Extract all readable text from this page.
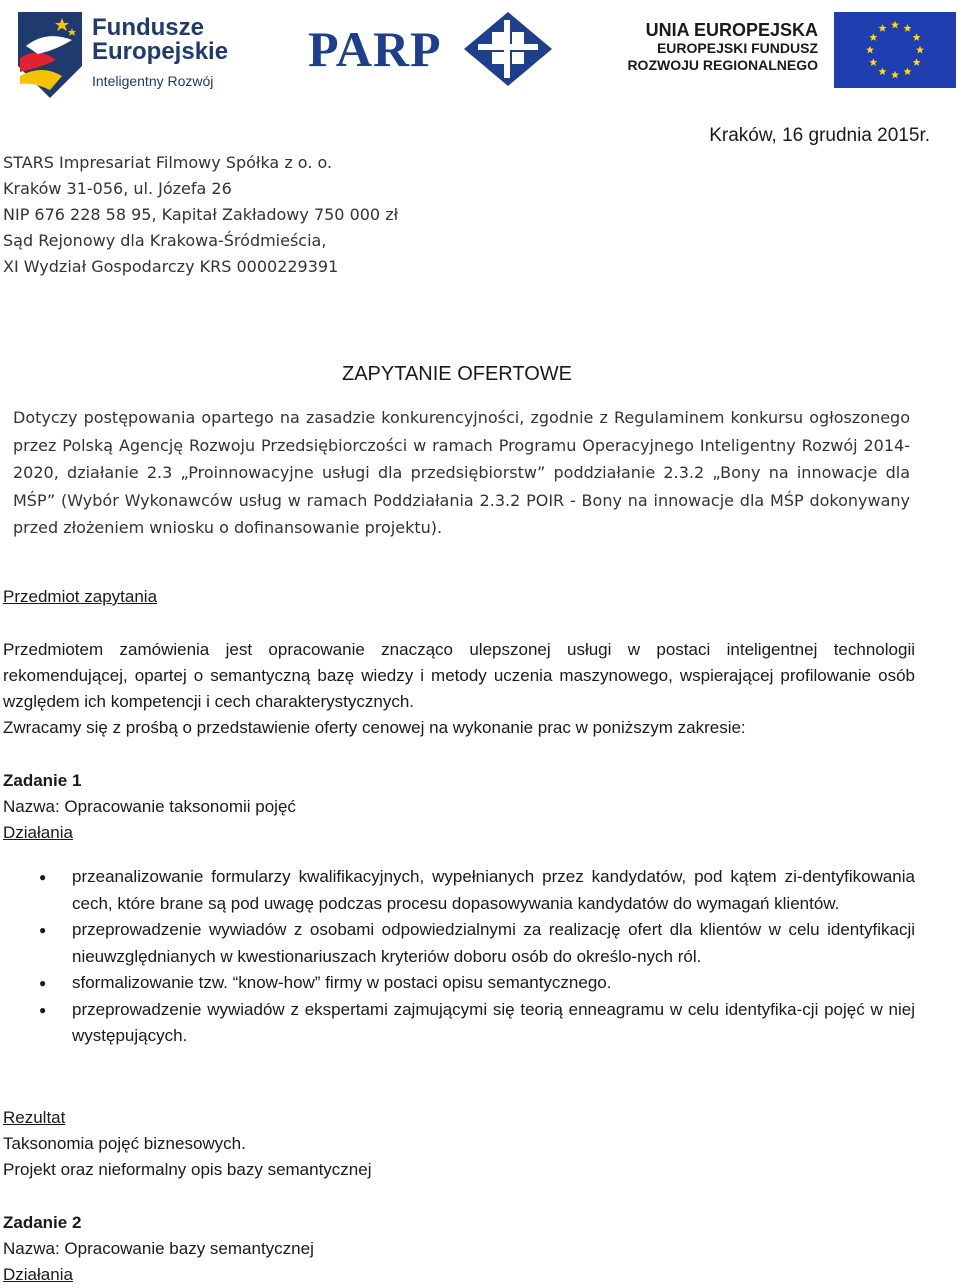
Fundusze
Europejskie
Inteligentny Rozwój
PARP	UNIA EUROPEJSKA
EUROPEJSKI FUNDUSZ
ROZWOJU REGIONALNEGO
Kraków, 16 grudnia 2015r.
STARS Impresariat Filmowy Spółka z o. o.
Kraków 31-056, ul. Józefa 26
NIP 676 228 58 95, Kapitał Zakładowy 750 000 zł
Sąd Rejonowy dla Krakowa-Śródmieścia,
XI Wydział Gospodarczy KRS 0000229391
ZAPYTANIE OFERTOWE
Dotyczy postępowania opartego na zasadzie konkurencyjności, zgodnie z Regulaminem konkursu ogłoszonego przez Polską Agencję Rozwoju Przedsiębiorczości w ramach Programu Operacyjnego Inteligentny Rozwój 2014-2020, działanie 2.3 „Proinnowacyjne usługi dla przedsiębiorstw” poddziałanie 2.3.2 „Bony na innowacje dla MŚP” (Wybór Wykonawców usług w ramach Poddziałania 2.3.2 POIR - Bony na innowacje dla MŚP dokonywany przed złożeniem wniosku o dofinansowanie projektu).
Przedmiot zapytania
Przedmiotem zamówienia jest opracowanie znacząco ulepszonej usługi w postaci inteligentnej technologii rekomendującej, opartej o semantyczną bazę wiedzy i metody uczenia maszynowego, wspierającej profilowanie osób względem ich kompetencji i cech charakterystycznych.
Zwracamy się z prośbą o przedstawienie oferty cenowej na wykonanie prac w poniższym zakresie:
Zadanie 1
Nazwa: Opracowanie taksonomii pojęć
Działania
● przeanalizowanie formularzy kwalifikacyjnych, wypełnianych przez kandydatów, pod kątem zi-dentyfikowania cech, które brane są pod uwagę podczas procesu dopasowywania kandydatów do wymagań klientów.
● przeprowadzenie wywiadów z osobami odpowiedzialnymi za realizację ofert dla klientów w celu identyfikacji nieuwzględnianych w kwestionariuszach kryteriów doboru osób do określo-nych ról.
● sformalizowanie tzw. “know-how” firmy w postaci opisu semantycznego.
● przeprowadzenie wywiadów z ekspertami zajmującymi się teorią enneagramu w celu identyfika-cji pojęć w niej występujących.
Rezultat
Taksonomia pojęć biznesowych.
Projekt oraz nieformalny opis bazy semantycznej
Zadanie 2
Nazwa: Opracowanie bazy semantycznej
Działania
